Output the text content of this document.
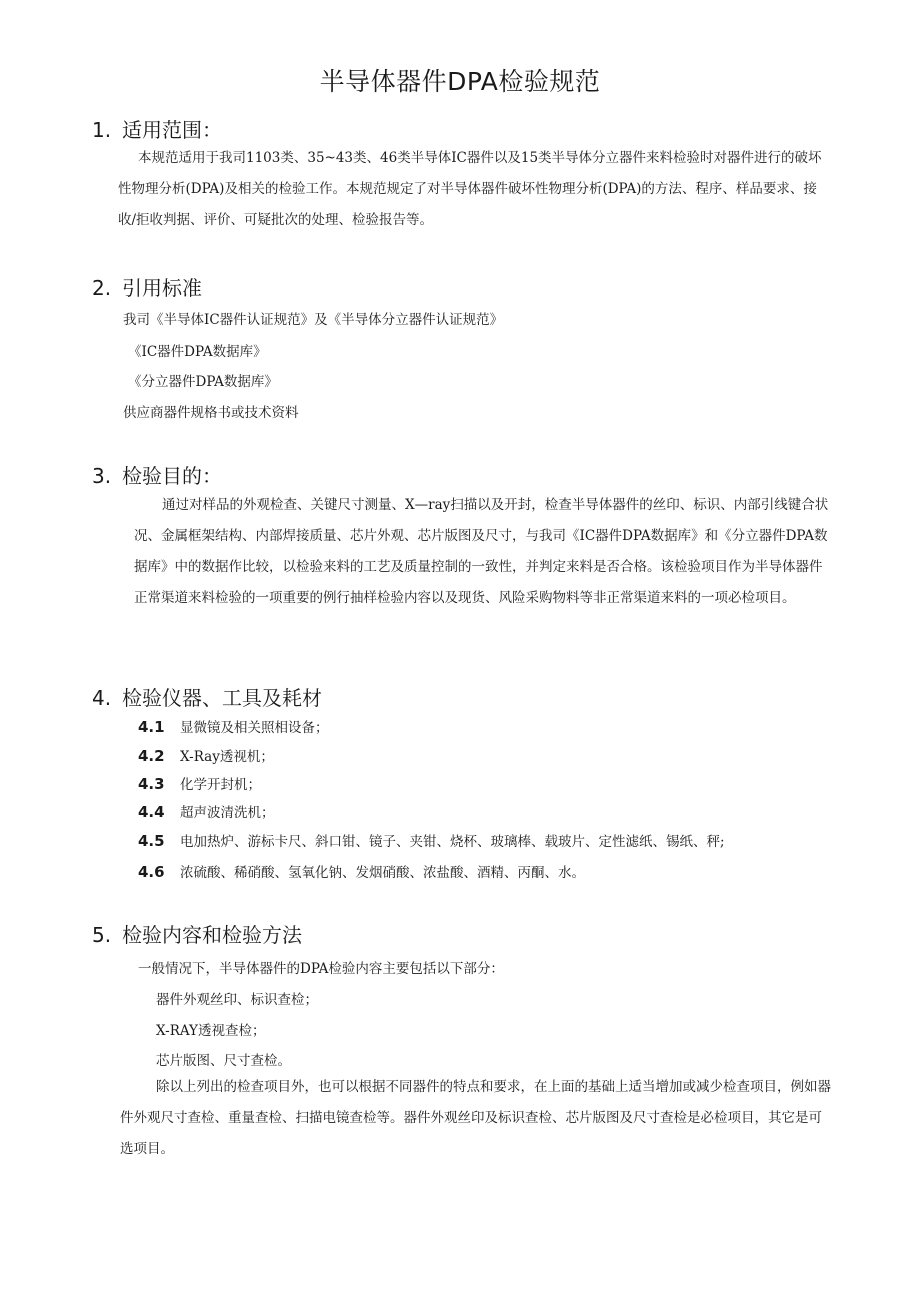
半导体器件DPA检验规范
1. 适用范围：
本规范适用于我司1103类、35~43类、46类半导体IC器件以及15类半导体分立器件来料检验时对器件进行的破坏性物理分析(DPA)及相关的检验工作。本规范规定了对半导体器件破坏性物理分析(DPA)的方法、程序、样品要求、接收/拒收判据、评价、可疑批次的处理、检验报告等。
2. 引用标准
我司《半导体IC器件认证规范》及《半导体分立器件认证规范》
《IC器件DPA数据库》
《分立器件DPA数据库》
供应商器件规格书或技术资料
3. 检验目的：
通过对样品的外观检查、关键尺寸测量、X—ray扫描以及开封，检查半导体器件的丝印、标识、内部引线键合状况、金属框架结构、内部焊接质量、芯片外观、芯片版图及尺寸，与我司《IC器件DPA数据库》和《分立器件DPA数据库》中的数据作比较，以检验来料的工艺及质量控制的一致性，并判定来料是否合格。该检验项目作为半导体器件正常渠道来料检验的一项重要的例行抽样检验内容以及现货、风险采购物料等非正常渠道来料的一项必检项目。
4. 检验仪器、工具及耗材
4.1 显微镜及相关照相设备；
4.2 X-Ray透视机；
4.3 化学开封机；
4.4 超声波清洗机；
4.5 电加热炉、游标卡尺、斜口钳、镜子、夹钳、烧杯、玻璃棒、载玻片、定性滤纸、锡纸、秤;
4.6 浓硫酸、稀硝酸、氢氧化钠、发烟硝酸、浓盐酸、酒精、丙酮、水。
5. 检验内容和检验方法
一般情况下，半导体器件的DPA检验内容主要包括以下部分：
器件外观丝印、标识查检；
X-RAY透视查检；
芯片版图、尺寸查检。
除以上列出的检查项目外，也可以根据不同器件的特点和要求，在上面的基础上适当增加或减少检查项目，例如器件外观尺寸查检、重量查检、扫描电镜查检等。器件外观丝印及标识查检、芯片版图及尺寸查检是必检项目，其它是可选项目。
